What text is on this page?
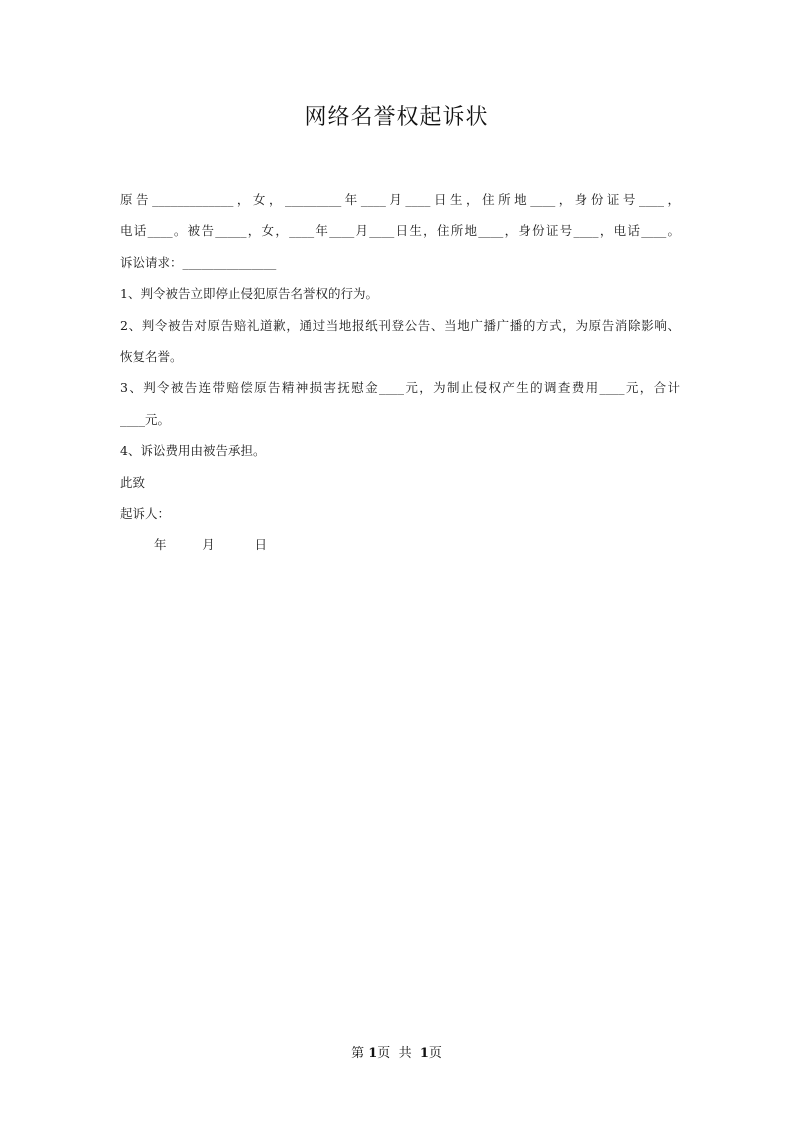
网络名誉权起诉状
原告_____________，女，_________年____月____日生，住所地____，身份证号____，
电话____。被告_____，女，____年____月____日生，住所地____，身份证号____，电话____。
诉讼请求：_______________
1、判令被告立即停止侵犯原告名誉权的行为。
2、判令被告对原告赔礼道歉，通过当地报纸刊登公告、当地广播广播的方式，为原告消除影响、
恢复名誉。
3、判令被告连带赔偿原告精神损害抚慰金____元，为制止侵权产生的调查费用____元，合计
____元。
4、诉讼费用由被告承担。
此致
起诉人：
年	月	日
第 1页 共 1页
